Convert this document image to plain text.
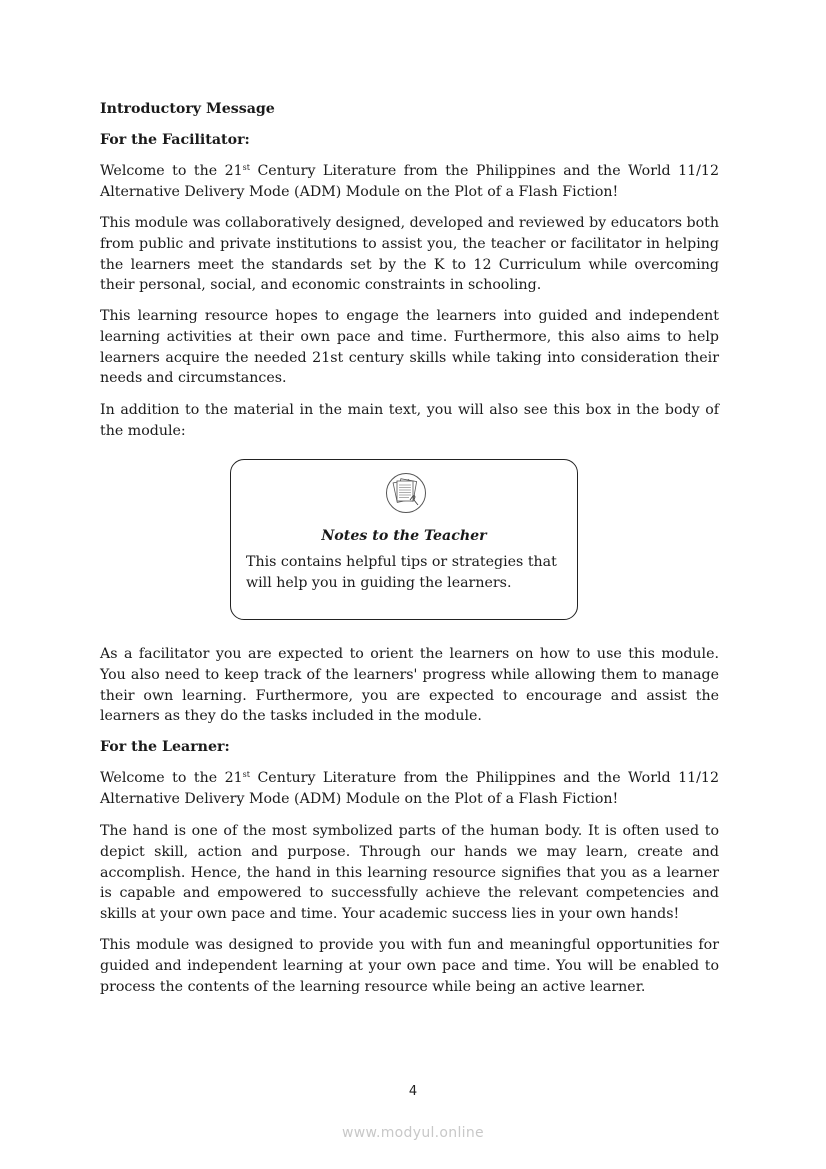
Introductory Message
For the Facilitator:

Welcome to the 21st Century Literature from the Philippines and the World 11/12 Alternative Delivery Mode (ADM) Module on the Plot of a Flash Fiction!

This module was collaboratively designed, developed and reviewed by educators both from public and private institutions to assist you, the teacher or facilitator in helping the learners meet the standards set by the K to 12 Curriculum while overcoming their personal, social, and economic constraints in schooling.

This learning resource hopes to engage the learners into guided and independent learning activities at their own pace and time. Furthermore, this also aims to help learners acquire the needed 21st century skills while taking into consideration their needs and circumstances.

In addition to the material in the main text, you will also see this box in the body of the module:

Notes to the Teacher
This contains helpful tips or strategies that will help you in guiding the learners.

As a facilitator you are expected to orient the learners on how to use this module. You also need to keep track of the learners' progress while allowing them to manage their own learning. Furthermore, you are expected to encourage and assist the learners as they do the tasks included in the module.

For the Learner:

Welcome to the 21st Century Literature from the Philippines and the World 11/12 Alternative Delivery Mode (ADM) Module on the Plot of a Flash Fiction!

The hand is one of the most symbolized parts of the human body. It is often used to depict skill, action and purpose. Through our hands we may learn, create and accomplish. Hence, the hand in this learning resource signifies that you as a learner is capable and empowered to successfully achieve the relevant competencies and skills at your own pace and time. Your academic success lies in your own hands!

This module was designed to provide you with fun and meaningful opportunities for guided and independent learning at your own pace and time. You will be enabled to process the contents of the learning resource while being an active learner.

4
www.modyul.online
